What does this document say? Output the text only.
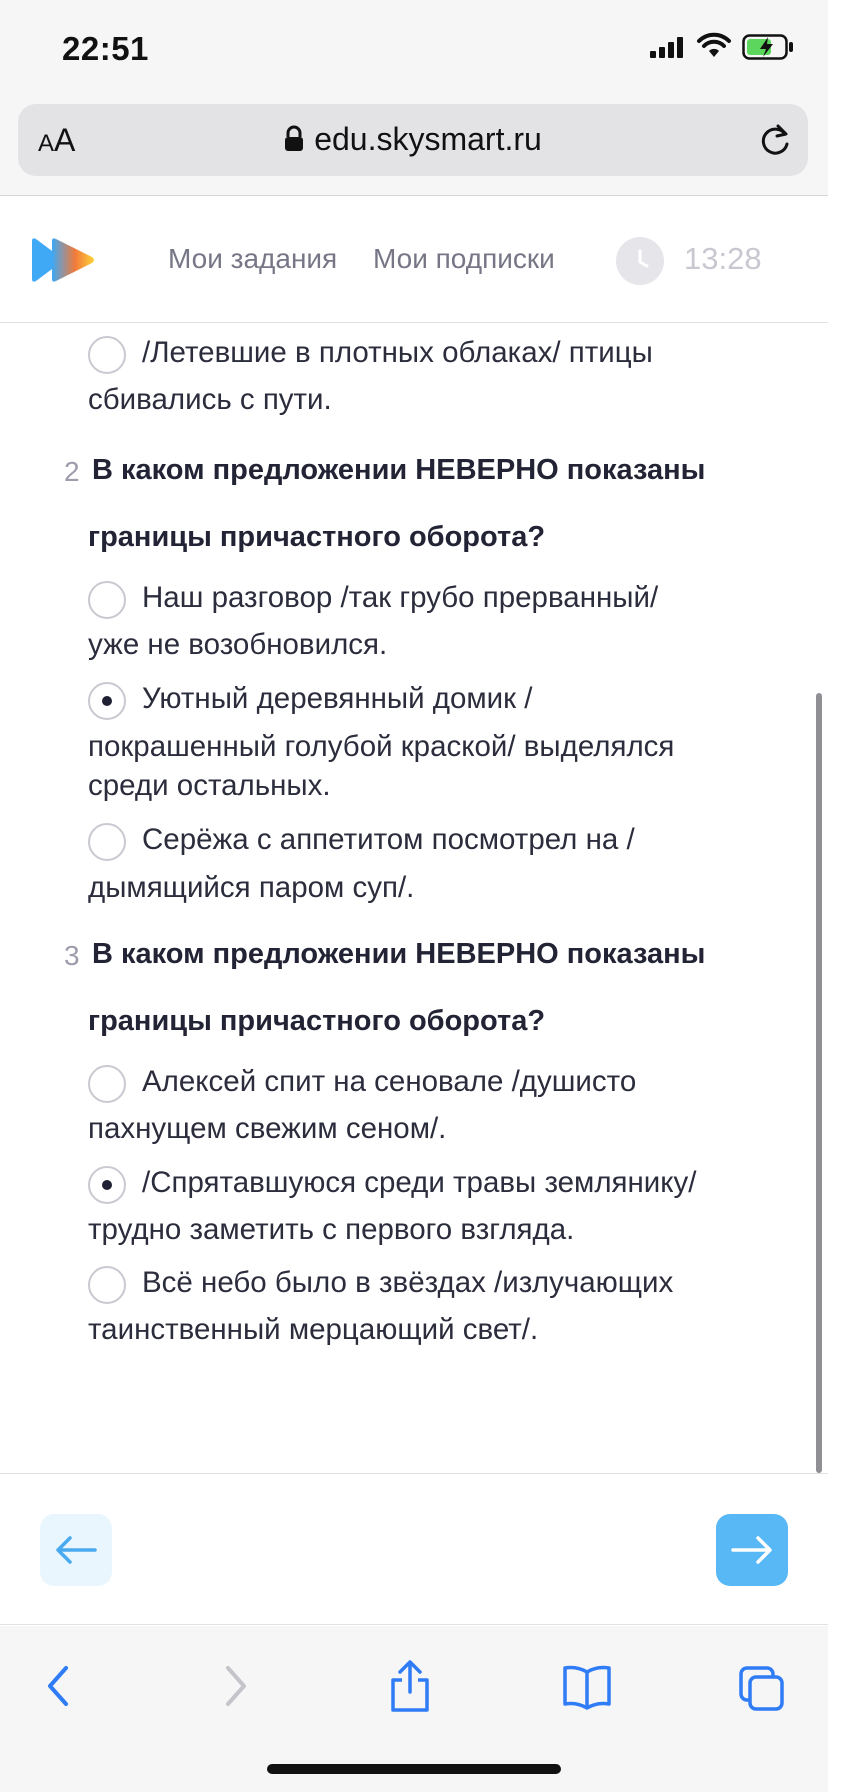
22:51
AA	edu.skysmart.ru
Мои задания Мои подписки	13:28
/Летевшие в плотных облаках/ птицы
сбивались с пути.
2 В каком предложении НЕВЕРНО показаны
границы причастного оборота?
Наш разговор /так грубо прерванный/
уже не возобновился.
Уютный деревянный домик /
покрашенный голубой краской/ выделялся
среди остальных.
Серёжа с аппетитом посмотрел на /
дымящийся паром суп/.
3 В каком предложении НЕВЕРНО показаны
границы причастного оборота?
Алексей спит на сеновале /душисто
пахнущем свежим сеном/.
/Спрятавшуюся среди травы землянику/
трудно заметить с первого взгляда.
Всё небо было в звёздах /излучающих
таинственный мерцающий свет/.
